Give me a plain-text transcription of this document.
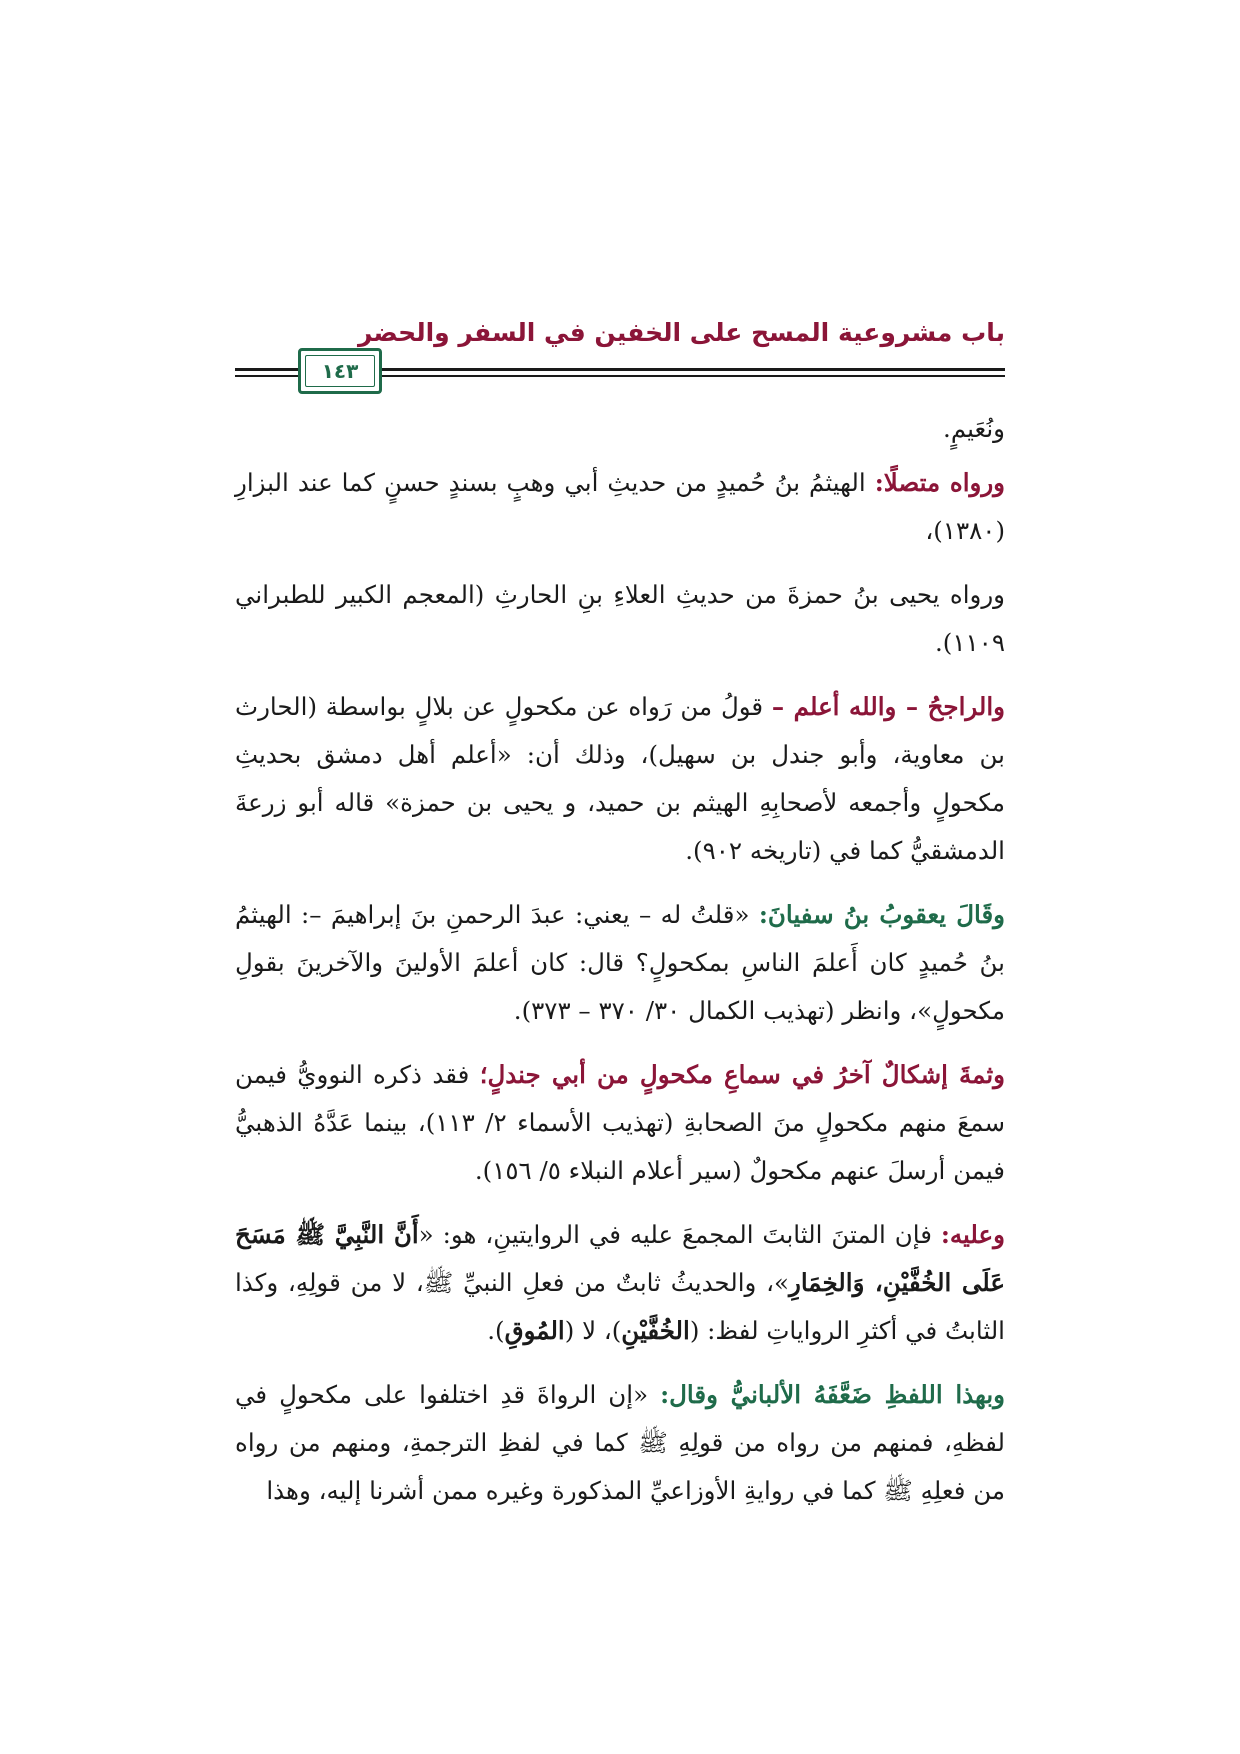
باب مشروعية المسح على الخفين في السفر والحضر
١٤٣

ونُعَيمٍ.

ورواه متصلًا: الهيثمُ بنُ حُميدٍ من حديثِ أبي وهبٍ بسندٍ حسنٍ كما عند البزارِ (١٣٨٠)،

ورواه يحيى بنُ حمزةَ من حديثِ العلاءِ بنِ الحارثِ (المعجم الكبير للطبراني ١١٠٩).

والراجحُ – والله أعلم – قولُ من رَواه عن مكحولٍ عن بلالٍ بواسطة (الحارث بن معاوية، وأبو جندل بن سهيل)، وذلك أن: «أعلم أهل دمشق بحديثِ مكحولٍ وأجمعه لأصحابِهِ الهيثم بن حميد، و يحيى بن حمزة» قاله أبو زرعةَ الدمشقيُّ كما في (تاريخه ٩٠٢).

وقَالَ يعقوبُ بنُ سفيانَ: «قلتُ له – يعني: عبدَ الرحمنِ بنَ إبراهيمَ –: الهيثمُ بنُ حُميدٍ كان أَعلمَ الناسِ بمكحولٍ؟ قال: كان أعلمَ الأولينَ والآخرينَ بقولِ مكحولٍ»، وانظر (تهذيب الكمال ٣٠/ ٣٧٠ – ٣٧٣).

وثمةَ إشكالٌ آخرُ في سماعِ مكحولٍ من أبي جندلٍ؛ فقد ذكره النوويُّ فيمن سمعَ منهم مكحولٍ منَ الصحابةِ (تهذيب الأسماء ٢/ ١١٣)، بينما عَدَّهُ الذهبيُّ فيمن أرسلَ عنهم مكحولٌ (سير أعلام النبلاء ٥/ ١٥٦).

وعليه: فإن المتنَ الثابتَ المجمعَ عليه في الروايتينِ، هو: «أَنَّ النَّبِيَّ ﷺ مَسَحَ عَلَى الخُفَّيْنِ، وَالخِمَارِ»، والحديثُ ثابتٌ من فعلِ النبيِّ ﷺ، لا من قولِهِ، وكذا الثابتُ في أكثرِ الرواياتِ لفظ: (الخُفَّيْنِ)، لا (المُوقِ).

وبهذا اللفظِ ضَعَّفَهُ الألبانيُّ وقال: «إن الرواةَ قدِ اختلفوا على مكحولٍ في لفظهِ، فمنهم من رواه من قولِهِ ﷺ كما في لفظِ الترجمةِ، ومنهم من رواه من فعلِهِ ﷺ كما في روايةِ الأوزاعيِّ المذكورة وغيره ممن أشرنا إليه، وهذا
